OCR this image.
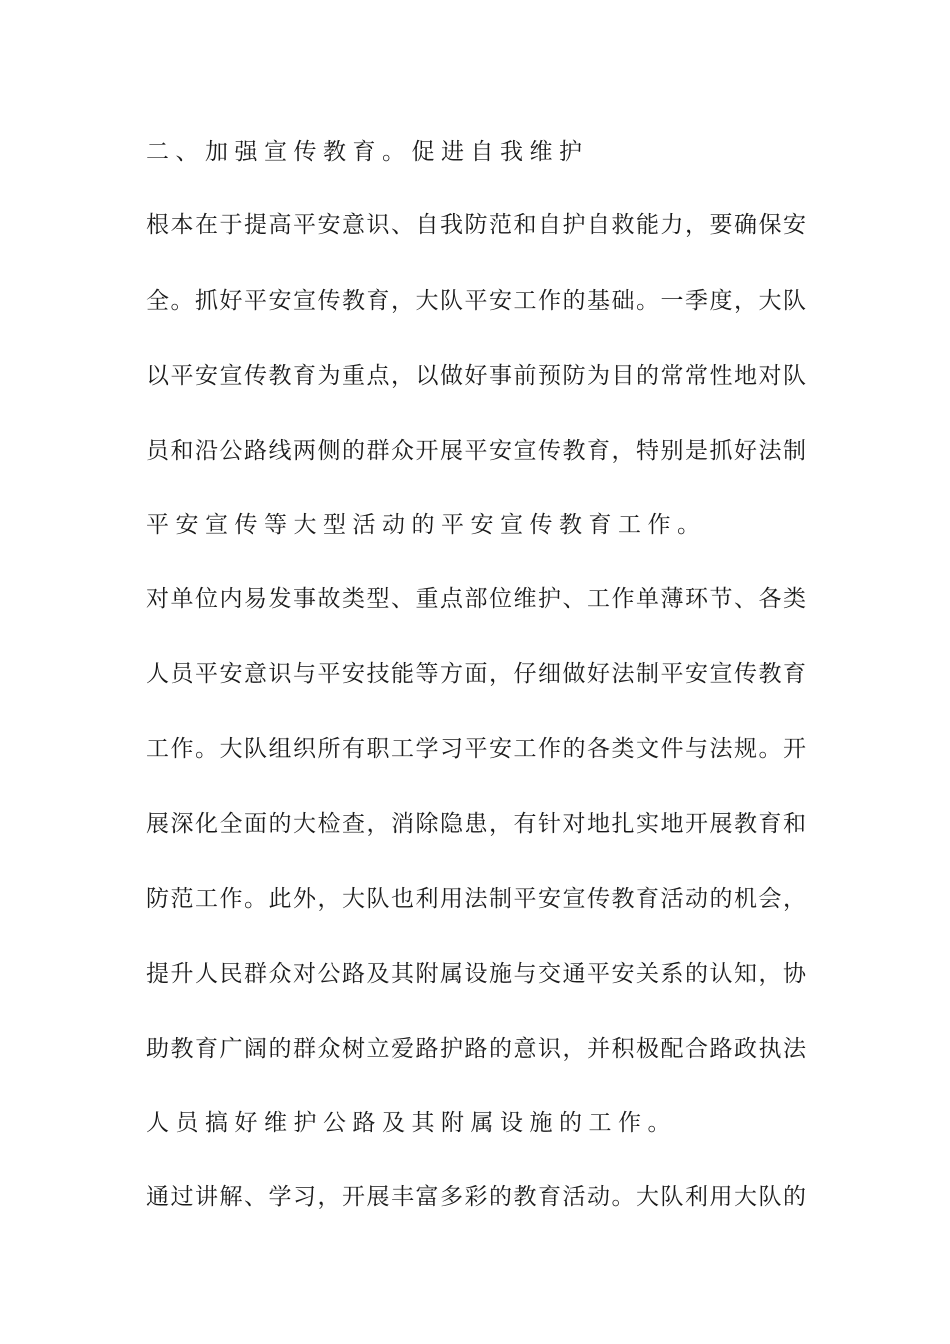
二、加强宣传教育。促进自我维护
根本在于提高平安意识、自我防范和自护自救能力，要确保安
全。抓好平安宣传教育，大队平安工作的基础。一季度，大队
以平安宣传教育为重点，以做好事前预防为目的常常性地对队
员和沿公路线两侧的群众开展平安宣传教育，特别是抓好法制
平安宣传等大型活动的平安宣传教育工作。
对单位内易发事故类型、重点部位维护、工作单薄环节、各类
人员平安意识与平安技能等方面，仔细做好法制平安宣传教育
工作。大队组织所有职工学习平安工作的各类文件与法规。开
展深化全面的大检查，消除隐患，有针对地扎实地开展教育和
防范工作。此外，大队也利用法制平安宣传教育活动的机会，
提升人民群众对公路及其附属设施与交通平安关系的认知，协
助教育广阔的群众树立爱路护路的意识，并积极配合路政执法
人员搞好维护公路及其附属设施的工作。
通过讲解、学习，开展丰富多彩的教育活动。大队利用大队的
